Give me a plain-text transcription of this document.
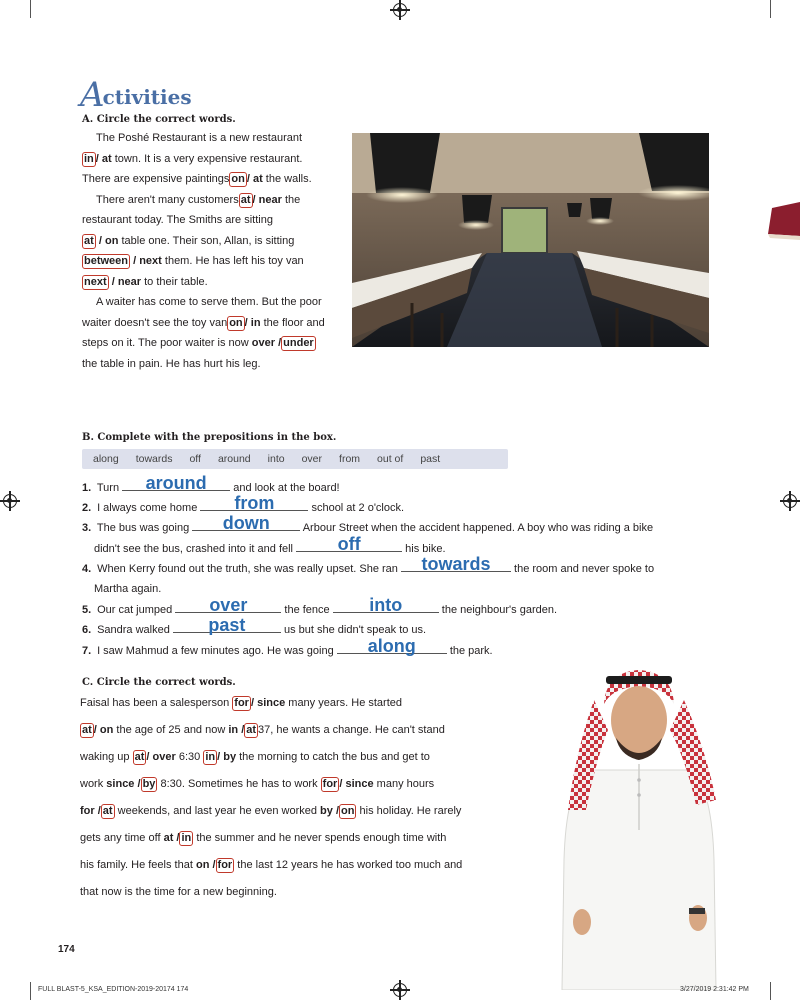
A
ctivities
A. Circle the correct words.
The Poshé Restaurant is a new restaurant
in / at town. It is a very expensive restaurant.
There are expensive paintings on / at the walls.
There aren't many customers at / near the
restaurant today. The Smiths are sitting
at / on table one. Their son, Allan, is sitting
between / next them. He has left his toy van
next / near to their table.
A waiter has come to serve them. But the poor
waiter doesn't see the toy van on / in the floor and
steps on it. The poor waiter is now over / under
the table in pain. He has hurt his leg.
B. Complete with the prepositions in the box.
along towards off around into over from out of past
1. Turn	around	and look at the board!
2. I always come home	from	school at 2 o'clock.
3. The bus was going	down	Arbour Street when the accident happened. A boy who was riding a bike
didn't see the bus, crashed into it and fell	off	his bike.
4. When Kerry found out the truth, she was really upset. She ran	towards	the room and never spoke to
Martha again.
5. Our cat jumped	over	the fence	into	the neighbour's garden.
6. Sandra walked	past	us but she didn't speak to us.
7. I saw Mahmud a few minutes ago. He was going	along	the park.
C. Circle the correct words.
Faisal has been a salesperson for / since many years. He started
at / on the age of 25 and now in / at 37, he wants a change. He can't stand
waking up at / over 6:30 in / by the morning to catch the bus and get to
work since / by 8:30. Sometimes he has to work for / since many hours
for / at weekends, and last year he even worked by / on his holiday. He rarely
gets any time off at / in the summer and he never spends enough time with
his family. He feels that on / for the last 12 years he has worked too much and
that now is the time for a new beginning.
174
FULL BLAST-5_KSA_EDITION-2019-20174 174	3/27/2019 2:31:42 PM
